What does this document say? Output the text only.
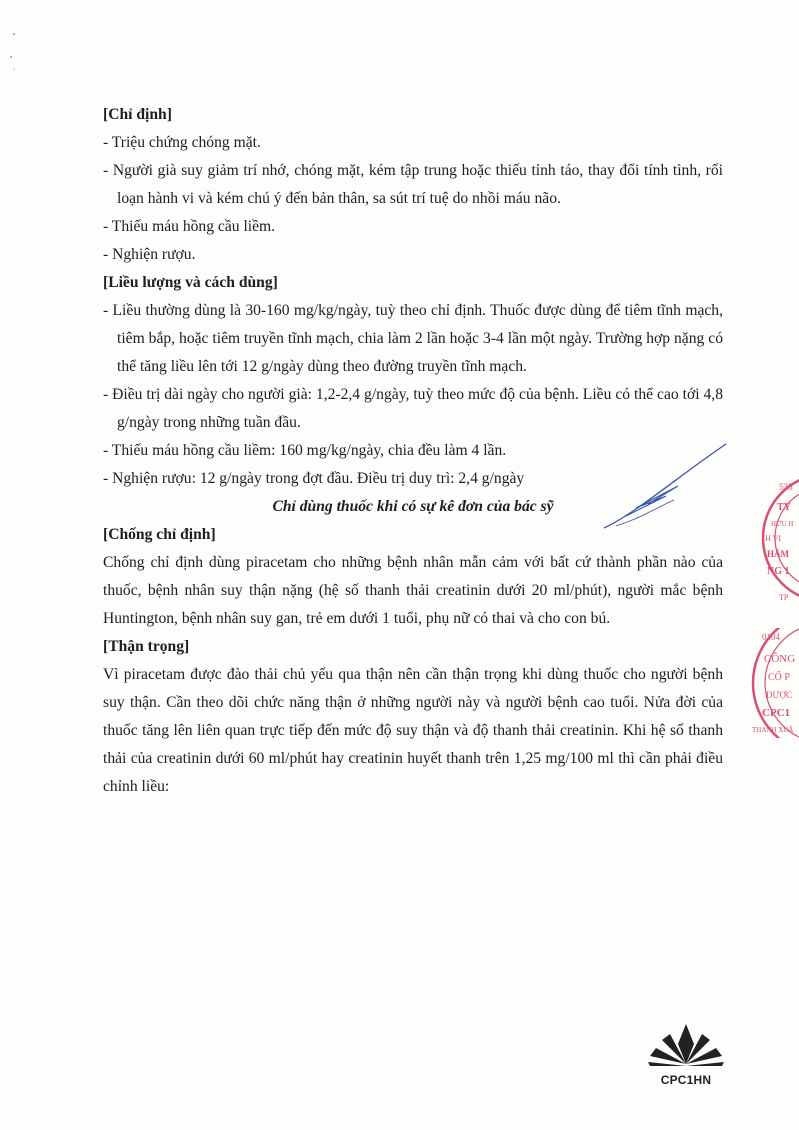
[Chỉ định]

- Triệu chứng chóng mặt.

- Người già suy giảm trí nhớ, chóng mặt, kém tập trung hoặc thiếu tỉnh táo, thay đổi tính tình, rối loạn hành vi và kém chú ý đến bản thân, sa sút trí tuệ do nhồi máu não.

- Thiếu máu hồng cầu liềm.

- Nghiện rượu.

[Liều lượng và cách dùng]

- Liều thường dùng là 30-160 mg/kg/ngày, tuỳ theo chỉ định. Thuốc được dùng để tiêm tĩnh mạch, tiêm bắp, hoặc tiêm truyền tĩnh mạch, chia làm 2 lần hoặc 3-4 lần một ngày. Trường hợp nặng có thể tăng liều lên tới 12 g/ngày dùng theo đường truyền tĩnh mạch.

- Điều trị dài ngày cho người già: 1,2-2,4 g/ngày, tuỳ theo mức độ của bệnh. Liều có thể cao tới 4,8 g/ngày trong những tuần đầu.

- Thiếu máu hồng cầu liềm: 160 mg/kg/ngày, chia đều làm 4 lần.

- Nghiện rượu: 12 g/ngày trong đợt đầu. Điều trị duy trì: 2,4 g/ngày

Chỉ dùng thuốc khi có sự kê đơn của bác sỹ

[Chống chỉ định]

Chống chỉ định dùng piracetam cho những bệnh nhân mẫn cảm với bất cứ thành phần nào của thuốc, bệnh nhân suy thận nặng (hệ số thanh thải creatinin dưới 20 ml/phút), người mắc bệnh Huntington, bệnh nhân suy gan, trẻ em dưới 1 tuổi, phụ nữ có thai và cho con bú.

[Thận trọng]

Vì piracetam được đào thải chủ yếu qua thận nên cần thận trọng khi dùng thuốc cho người bệnh suy thận. Cần theo dõi chức năng thận ở những người này và người bệnh cao tuổi. Nửa đời của thuốc tăng lên liên quan trực tiếp đến mức độ suy thận và độ thanh thải creatinin. Khi hệ số thanh thải của creatinin dưới 60 ml/phút hay creatinin huyết thanh trên 1,25 mg/100 ml thì cần phải điều chỉnh liều:

536
TY
HỮU H
H VI
HẨM
NG 1
TP
0104
CÔNG
CỔ P
DƯỢC
CPC1
THANH XUÂ
CPC1HN
